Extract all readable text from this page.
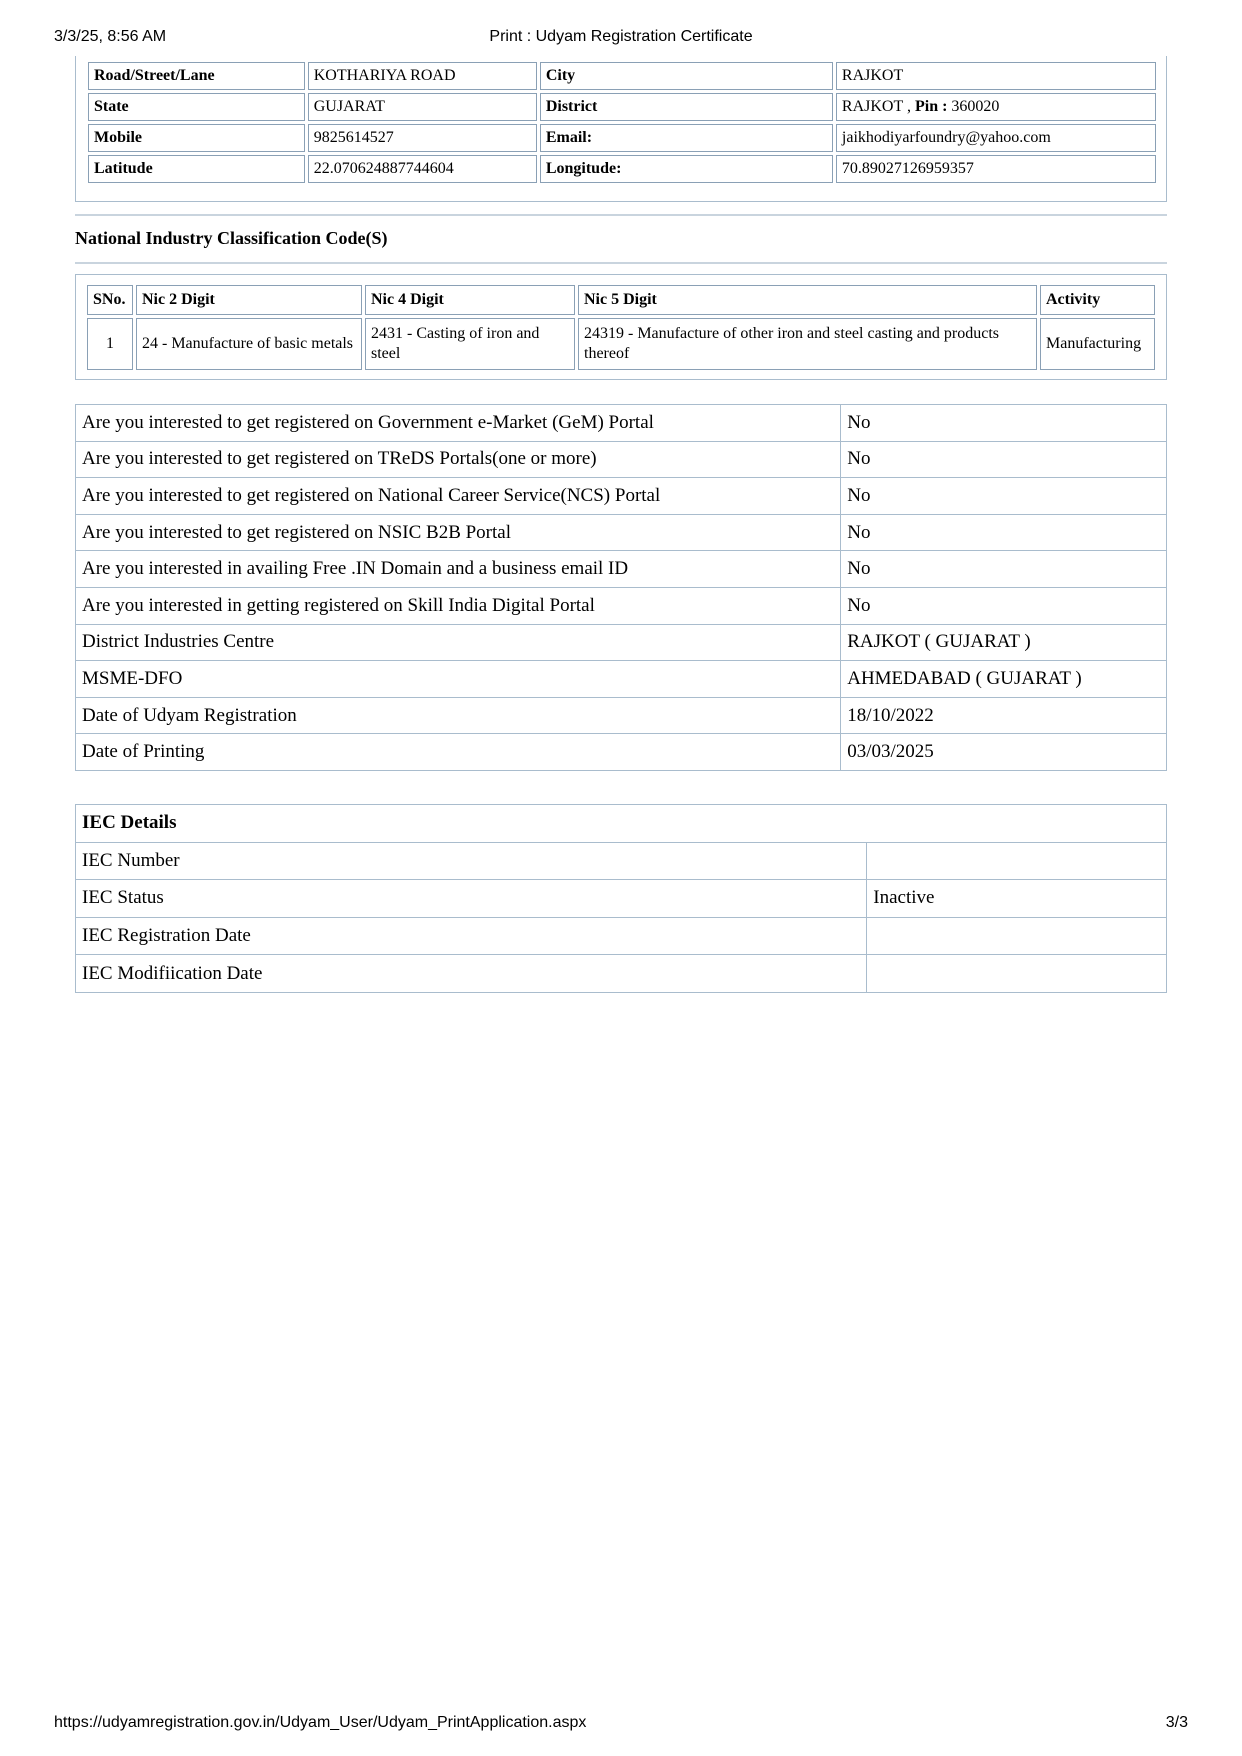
3/3/25, 8:56 AM	Print : Udyam Registration Certificate
Road/Street/Lane	KOTHARIYA ROAD	City	RAJKOT
State	GUJARAT	District	RAJKOT , Pin : 360020
Mobile	9825614527	Email:	jaikhodiyarfoundry@yahoo.com
Latitude	22.070624887744604	Longitude:	70.89027126959357
National Industry Classification Code(S)
SNo.	Nic 2 Digit	Nic 4 Digit	Nic 5 Digit	Activity
1	24 - Manufacture of basic metals	2431 - Casting of iron and steel	24319 - Manufacture of other iron and steel casting and products thereof	Manufacturing
Are you interested to get registered on Government e-Market (GeM) Portal	No
Are you interested to get registered on TReDS Portals(one or more)	No
Are you interested to get registered on National Career Service(NCS) Portal	No
Are you interested to get registered on NSIC B2B Portal	No
Are you interested in availing Free .IN Domain and a business email ID	No
Are you interested in getting registered on Skill India Digital Portal	No
District Industries Centre	RAJKOT ( GUJARAT )
MSME-DFO	AHMEDABAD ( GUJARAT )
Date of Udyam Registration	18/10/2022
Date of Printing	03/03/2025
IEC Details	
IEC Number	
IEC Status	Inactive
IEC Registration Date	
IEC Modifiication Date	
https://udyamregistration.gov.in/Udyam_User/Udyam_PrintApplication.aspx	3/3
